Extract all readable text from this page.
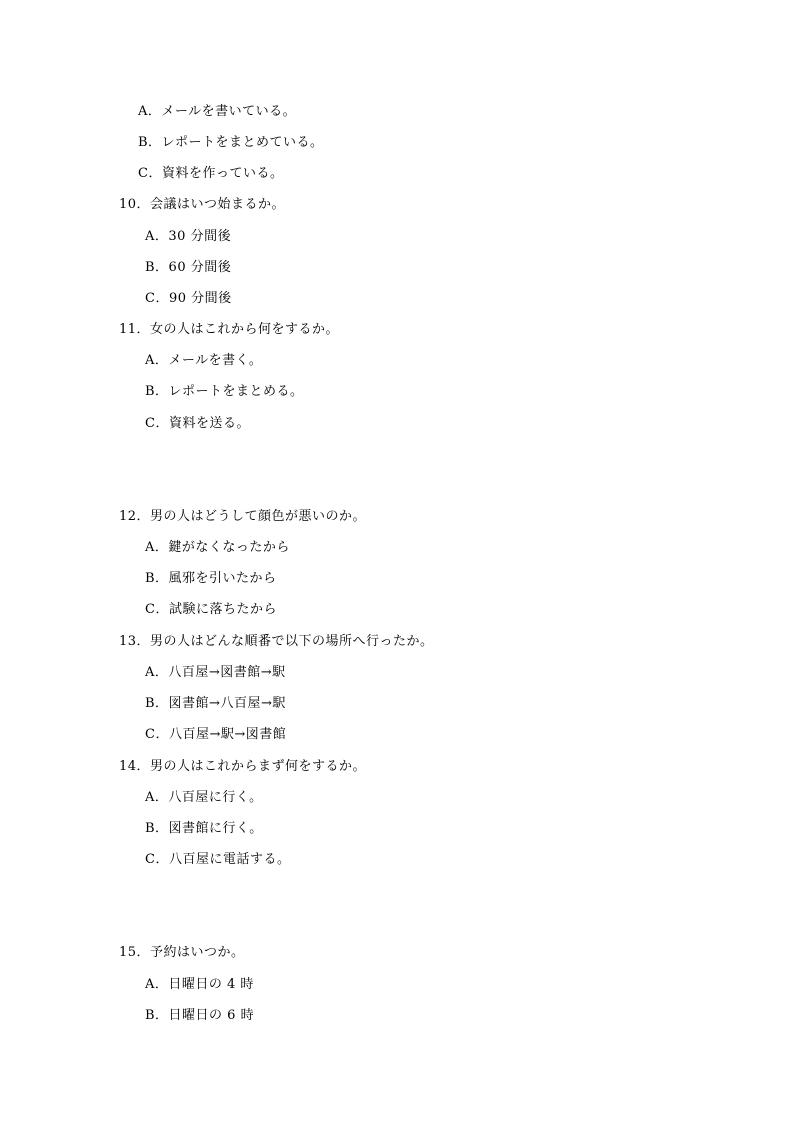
A．メールを書いている。
B．レポートをまとめている。
C．資料を作っている。
10．会議はいつ始まるか。
A．30 分間後
B．60 分間後
C．90 分間後
11．女の人はこれから何をするか。
A．メールを書く。
B．レポートをまとめる。
C．資料を送る。
12．男の人はどうして顔色が悪いのか。
A．鍵がなくなったから
B．風邪を引いたから
C．試験に落ちたから
13．男の人はどんな順番で以下の場所へ行ったか。
A．八百屋→図書館→駅
B．図書館→八百屋→駅
C．八百屋→駅→図書館
14．男の人はこれからまず何をするか。
A．八百屋に行く。
B．図書館に行く。
C．八百屋に電話する。
15．予約はいつか。
A．日曜日の 4 時
B．日曜日の 6 時
